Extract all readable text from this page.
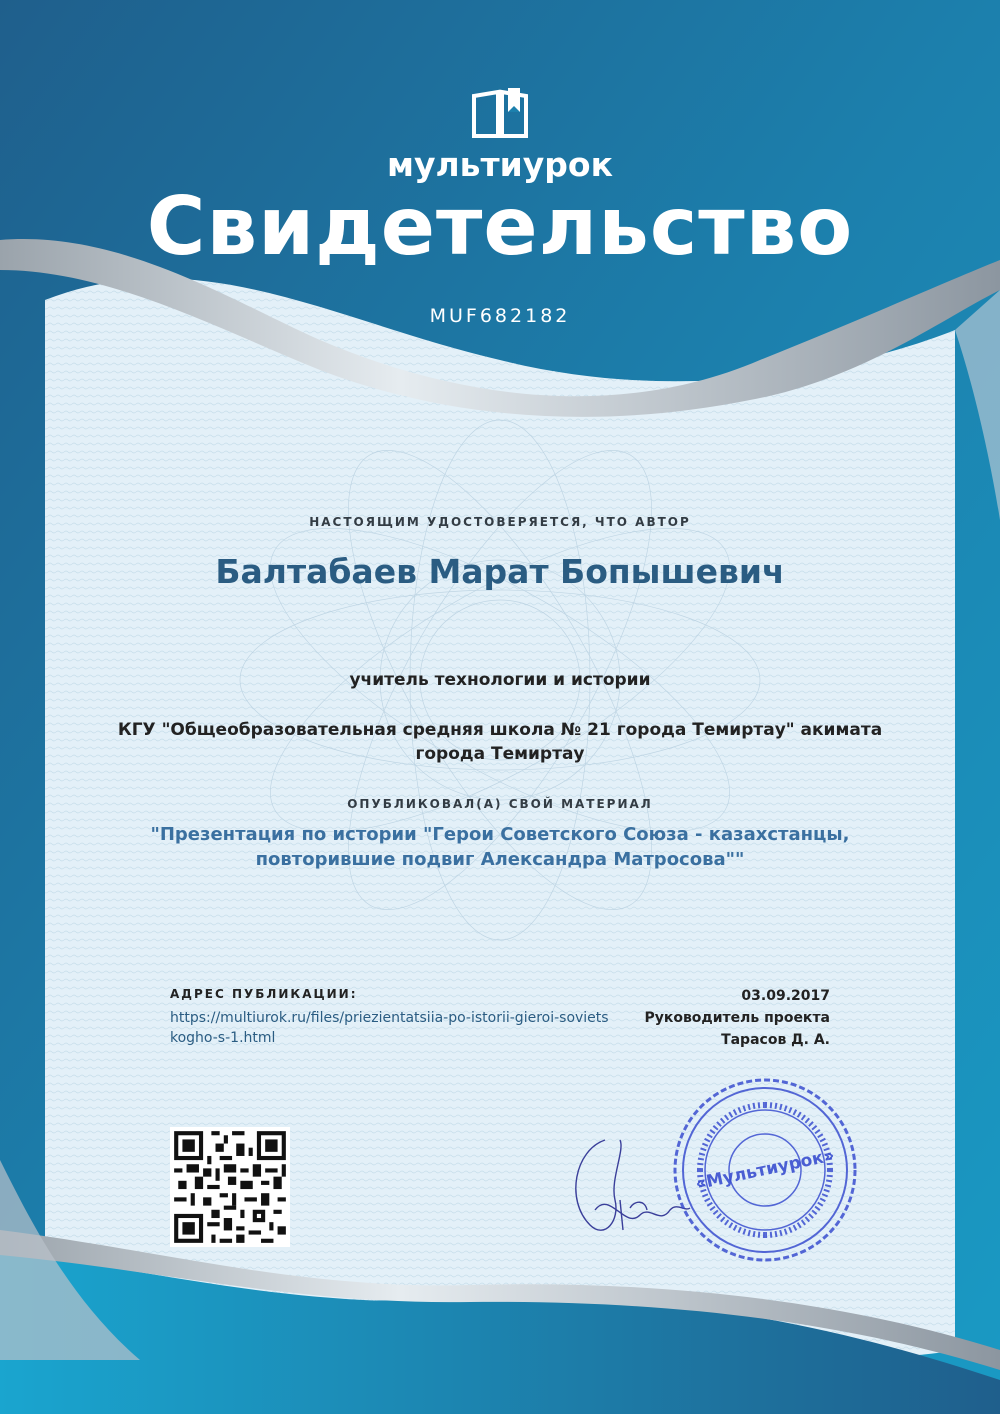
мультиурок
Свидетельство
MUF682182
НАСТОЯЩИМ УДОСТОВЕРЯЕТСЯ, ЧТО АВТОР
Балтабаев Марат Бопышевич
учитель технологии и истории
КГУ "Общеобразовательная средняя школа № 21 города Темиртау" акимата города Темиртау
ОПУБЛИКОВАЛ(А) СВОЙ МАТЕРИАЛ
"Презентация по истории "Герои Советского Союза - казахстанцы, повторившие подвиг Александра Матросова""
АДРЕС ПУБЛИКАЦИИ:
https://multiurok.ru/files/priezientatsiia-po-istorii-gieroi-sovietskogho-s-1.html
03.09.2017
Руководитель проекта
Тарасов Д. А.
«Мультиурок»
